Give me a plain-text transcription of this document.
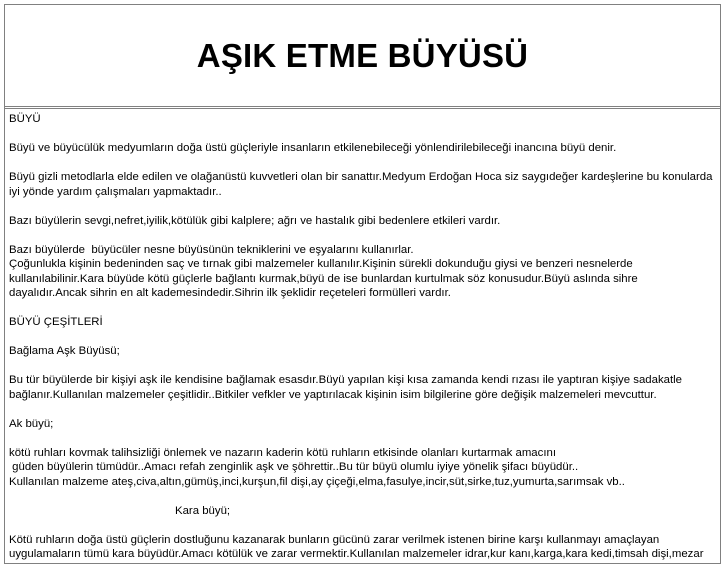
AŞIK ETME BÜYÜSÜ

BÜYÜ

Büyü ve büyücülük medyumların doğa üstü güçleriyle insanların etkilenebileceği yönlendirilebileceği inancına büyü denir.

Büyü gizli metodlarla elde edilen ve olağanüstü kuvvetleri olan bir sanattır.Medyum Erdoğan Hoca siz saygıdeğer kardeşlerine bu konularda iyi yönde yardım çalışmaları yapmaktadır..

Bazı büyülerin sevgi,nefret,iyilik,kötülük gibi kalplere; ağrı ve hastalık gibi bedenlere etkileri vardır.

Bazı büyülerde  büyücüler nesne büyüsünün tekniklerini ve eşyalarını kullanırlar.
Çoğunlukla kişinin bedeninden saç ve tırnak gibi malzemeler kullanılır.Kişinin sürekli dokunduğu giysi ve benzeri nesnelerde kullanılabilinir.Kara büyüde kötü güçlerle bağlantı kurmak,büyü de ise bunlardan kurtulmak söz konusudur.Büyü aslında sihre dayalıdır.Ancak sihrin en alt kademesindedir.Sihrin ilk şeklidir reçeteleri formülleri vardır.

BÜYÜ ÇEŞİTLERİ

Bağlama Aşk Büyüsü;

Bu tür büyülerde bir kişiyi aşk ile kendisine bağlamak esasdır.Büyü yapılan kişi kısa zamanda kendi rızası ile yaptıran kişiye sadakatle bağlanır.Kullanılan malzemeler çeşitlidir..Bitkiler vefkler ve yaptırılacak kişinin isim bilgilerine göre değişik malzemeleri mevcuttur.

Ak büyü;

kötü ruhları kovmak talihsizliği önlemek ve nazarın kaderin kötü ruhların etkisinde olanları kurtarmak amacını
güden büyülerin tümüdür..Amacı refah zenginlik aşk ve şöhrettir..Bu tür büyü olumlu iyiye yönelik şifacı büyüdür..
Kullanılan malzeme ateş,civa,altın,gümüş,inci,kurşun,fil dişi,ay çiçeği,elma,fasulye,incir,süt,sirke,tuz,yumurta,sarımsak vb..

Kara büyü;

Kötü ruhların doğa üstü güçlerin dostluğunu kazanarak bunların gücünü zarar verilmek istenen birine karşı kullanmayı amaçlayan uygulamaların tümü kara büyüdür.Amacı kötülük ve zarar vermektir.Kullanılan malzemeler idrar,kur kanı,karga,kara kedi,timsah dişi,mezar
